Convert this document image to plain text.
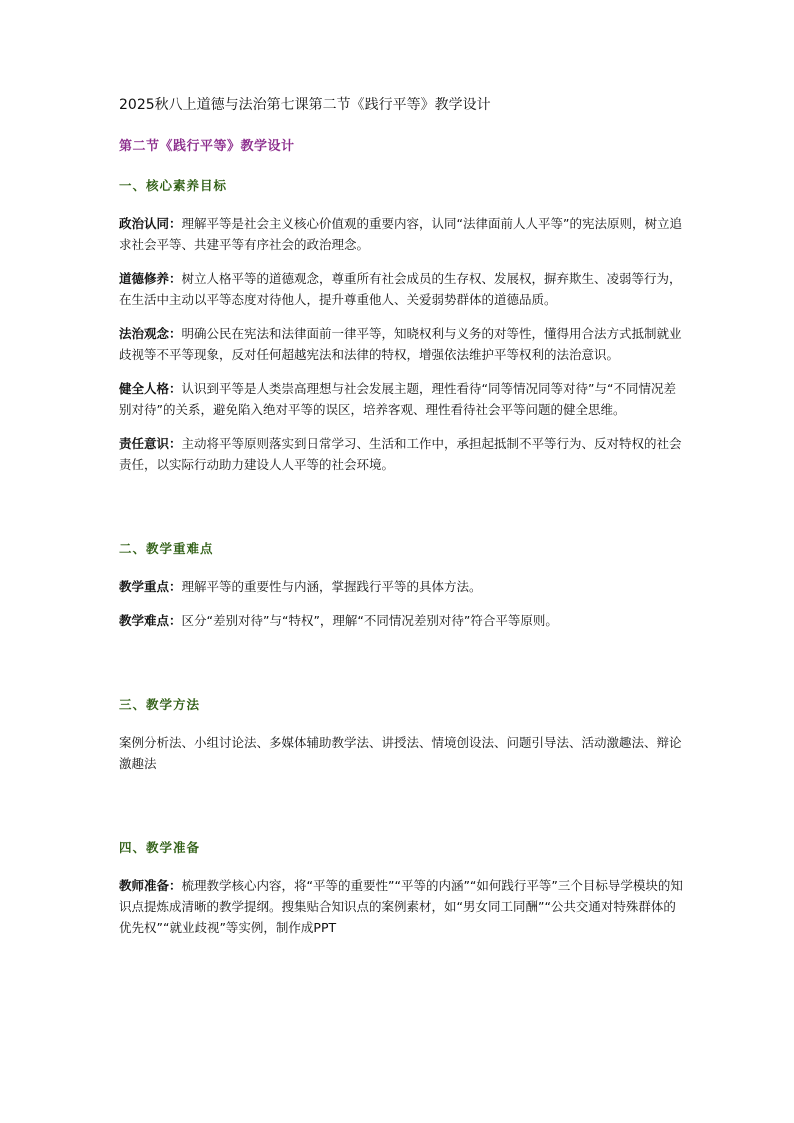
2025秋八上道德与法治第七课第二节《践行平等》教学设计
第二节《践行平等》教学设计
一、核心素养目标
政治认同：理解平等是社会主义核心价值观的重要内容，认同“法律面前人人平等”的宪法原则，树立追求社会平等、共建平等有序社会的政治理念。
道德修养：树立人格平等的道德观念，尊重所有社会成员的生存权、发展权，摒弃欺生、凌弱等行为，在生活中主动以平等态度对待他人，提升尊重他人、关爱弱势群体的道德品质。
法治观念：明确公民在宪法和法律面前一律平等，知晓权利与义务的对等性，懂得用合法方式抵制就业歧视等不平等现象，反对任何超越宪法和法律的特权，增强依法维护平等权利的法治意识。
健全人格：认识到平等是人类崇高理想与社会发展主题，理性看待“同等情况同等对待”与“不同情况差别对待”的关系，避免陷入绝对平等的误区，培养客观、理性看待社会平等问题的健全思维。
责任意识：主动将平等原则落实到日常学习、生活和工作中，承担起抵制不平等行为、反对特权的社会责任，以实际行动助力建设人人平等的社会环境。
二、教学重难点
教学重点：理解平等的重要性与内涵，掌握践行平等的具体方法。
教学难点：区分“差别对待”与“特权”，理解“不同情况差别对待”符合平等原则。
三、教学方法
案例分析法、小组讨论法、多媒体辅助教学法、讲授法、情境创设法、问题引导法、活动激趣法、辩论激趣法
四、教学准备
教师准备：梳理教学核心内容，将“平等的重要性”“平等的内涵”“如何践行平等”三个目标导学模块的知识点提炼成清晰的教学提纲。搜集贴合知识点的案例素材，如“男女同工同酬”“公共交通对特殊群体的优先权”“就业歧视”等实例，制作成PPT
